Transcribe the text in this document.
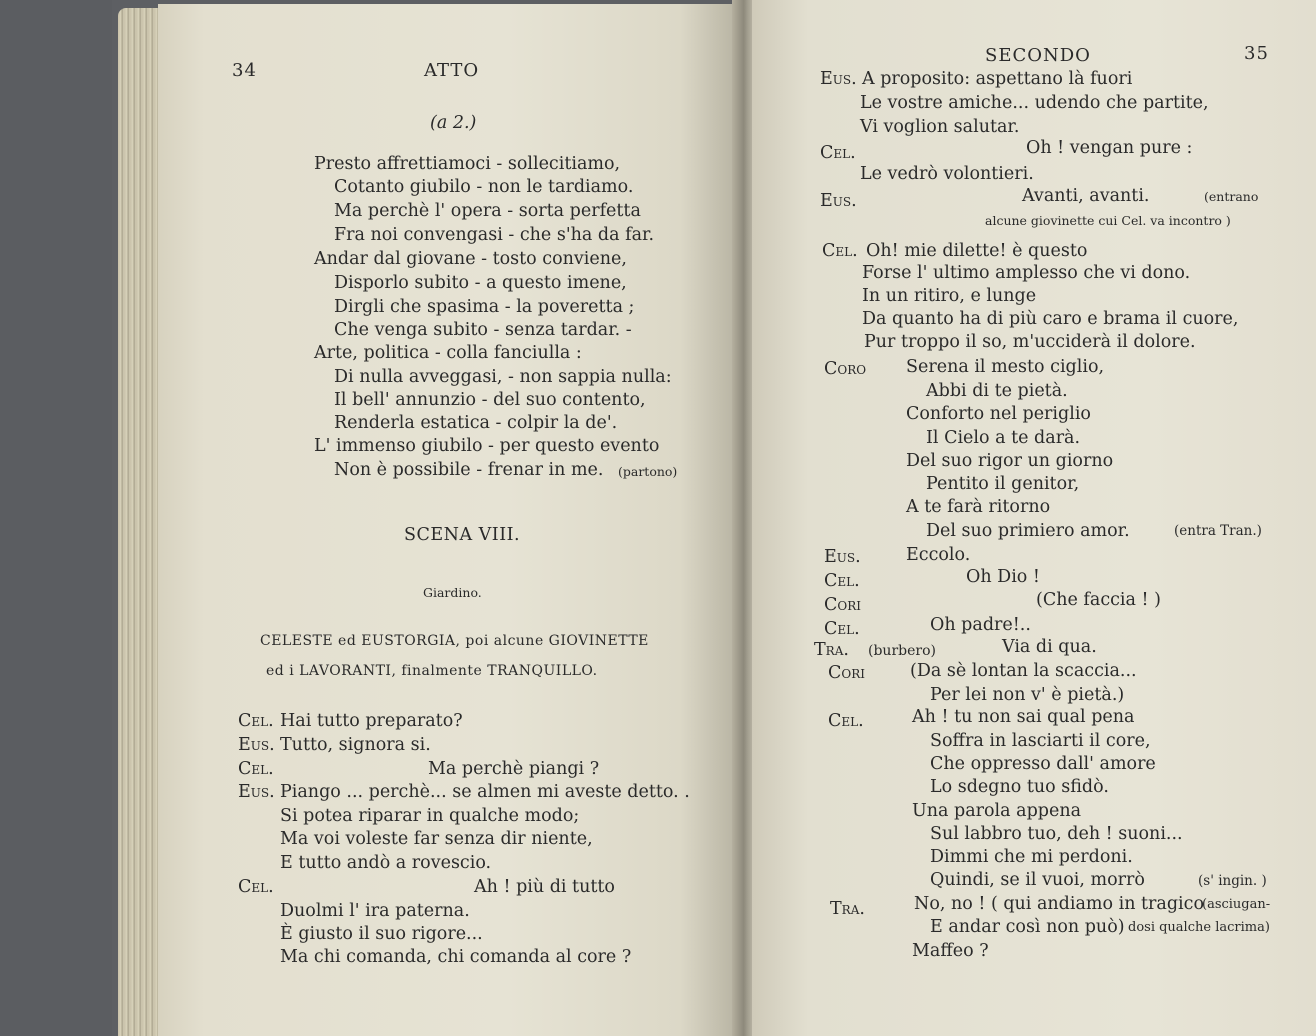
34	ATTO
(a 2.)
Presto affrettiamoci - sollecitiamo,
Cotanto giubilo - non le tardiamo.
Ma perchè l' opera - sorta perfetta
Fra noi convengasi - che s'ha da far.
Andar dal giovane - tosto conviene,
Disporlo subito - a questo imene,
Dirgli che spasima - la poveretta ;
Che venga subito - senza tardar. -
Arte, politica - colla fanciulla :
Di nulla avveggasi, - non sappia nulla:
Il bell' annunzio - del suo contento,
Renderla estatica - colpir la de'.
L' immenso giubilo - per questo evento
Non è possibile - frenar in me. (partono)
SCENA VIII.
Giardino.
CELESTE ed EUSTORGIA, poi alcune GIOVINETTE
ed i LAVORANTI, finalmente TRANQUILLO.
Cel. Hai tutto preparato?
Eus. Tutto, signora si.
Cel.	Ma perchè piangi ?
Eus. Piango ... perchè... se almen mi aveste detto. .
Si potea riparar in qualche modo;
Ma voi voleste far senza dir niente,
E tutto andò a rovescio.
Cel.	Ah ! più di tutto
Duolmi l' ira paterna.
È giusto il suo rigore...
Ma chi comanda, chi comanda al core ?
SECONDO	35
Eus. A proposito: aspettano là fuori
Le vostre amiche... udendo che partite,
Vi voglion salutar.
Cel.	Oh ! vengan pure :
Le vedrò volontieri.
Eus.	Avanti, avanti.	(entrano
alcune giovinette cui Cel. va incontro )
Cel. Oh! mie dilette! è questo
Forse l' ultimo amplesso che vi dono.
In un ritiro, e lunge
Da quanto ha di più caro e brama il cuore,
Pur troppo il so, m'ucciderà il dolore.
Coro Serena il mesto ciglio,
Abbi di te pietà.
Conforto nel periglio
Il Cielo a te darà.
Del suo rigor un giorno
Pentito il genitor,
A te farà ritorno
Del suo primiero amor.	(entra Tran.)
Eus.	Eccolo.
Cel.	Oh Dio !
Cori	(Che faccia ! )
Cel.	Oh padre!..
Tra. (burbero)	Via di qua.
Cori	(Da sè lontan la scaccia...
Per lei non v' è pietà.)
Cel.	Ah ! tu non sai qual pena
Soffra in lasciarti il core,
Che oppresso dall' amore
Lo sdegno tuo sfidò.
Una parola appena
Sul labbro tuo, deh ! suoni...
Dimmi che mi perdoni.
Quindi, se il vuoi, morrò	(s' ingin. )
Tra.	No, no ! ( qui andiamo in tragico
(asciugan-
E andar così non può) dosi qualche lacrima)
Maffeo ?
